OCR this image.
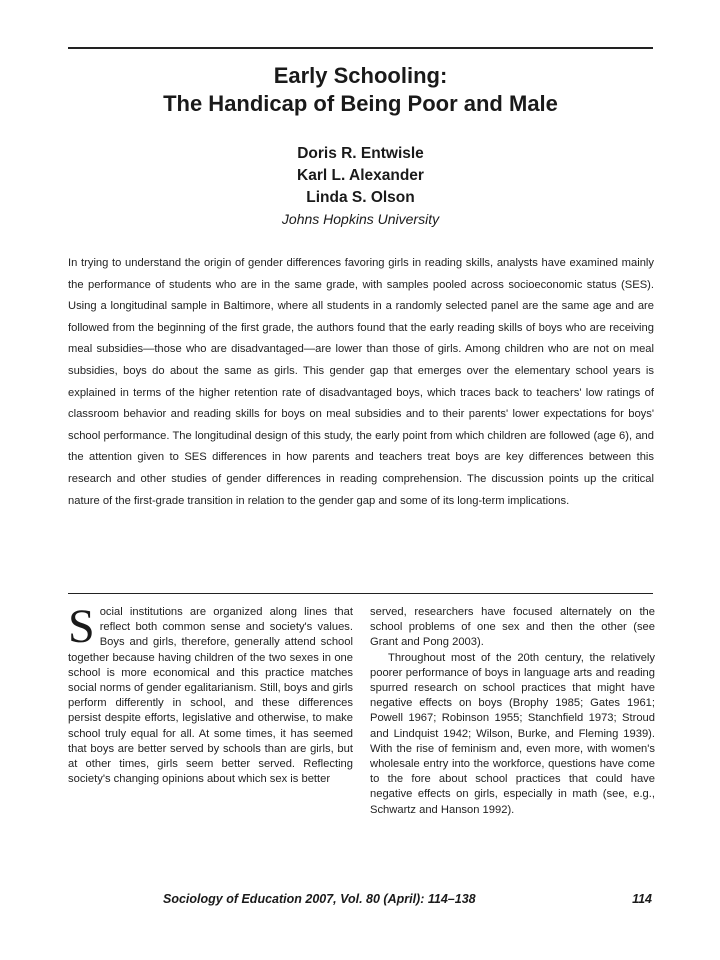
Early Schooling:
The Handicap of Being Poor and Male
Doris R. Entwisle
Karl L. Alexander
Linda S. Olson
Johns Hopkins University
In trying to understand the origin of gender differences favoring girls in reading skills, analysts have examined mainly the performance of students who are in the same grade, with samples pooled across socioeconomic status (SES). Using a longitudinal sample in Baltimore, where all students in a randomly selected panel are the same age and are followed from the beginning of the first grade, the authors found that the early reading skills of boys who are receiving meal subsidies—those who are disadvantaged—are lower than those of girls. Among children who are not on meal subsidies, boys do about the same as girls. This gender gap that emerges over the elementary school years is explained in terms of the higher retention rate of disadvantaged boys, which traces back to teachers' low ratings of classroom behavior and reading skills for boys on meal subsidies and to their parents' lower expectations for boys' school performance. The longitudinal design of this study, the early point from which children are followed (age 6), and the attention given to SES differences in how parents and teachers treat boys are key differences between this research and other studies of gender differences in reading comprehension. The discussion points up the critical nature of the first-grade transition in relation to the gender gap and some of its long-term implications.
S ocial institutions are organized along lines that reflect both common sense and society's values. Boys and girls, therefore, generally attend school together because having children of the two sexes in one school is more economical and this practice matches social norms of gender egalitarianism. Still, boys and girls perform differently in school, and these differences persist despite efforts, legislative and otherwise, to make school truly equal for all. At some times, it has seemed that boys are better served by schools than are girls, but at other times, girls seem better served. Reflecting society's changing opinions about which sex is better

served, researchers have focused alternately on the school problems of one sex and then the other (see Grant and Pong 2003).

Throughout most of the 20th century, the relatively poorer performance of boys in language arts and reading spurred research on school practices that might have negative effects on boys (Brophy 1985; Gates 1961; Powell 1967; Robinson 1955; Stanchfield 1973; Stroud and Lindquist 1942; Wilson, Burke, and Fleming 1939). With the rise of feminism and, even more, with women's wholesale entry into the workforce, questions have come to the fore about school practices that could have negative effects on girls, especially in math (see, e.g., Schwartz and Hanson 1992).

Sociology of Education 2007, Vol. 80 (April): 114–138	114
